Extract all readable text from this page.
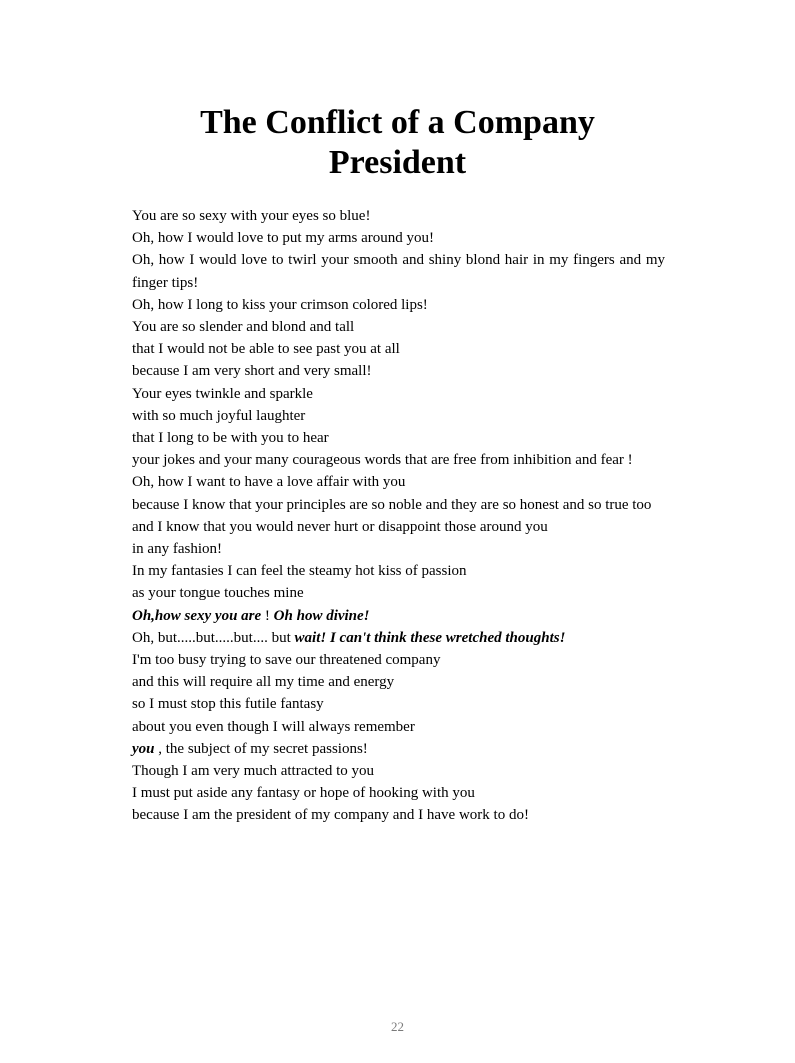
The Conflict of a Company
President
You are so sexy with your eyes so blue!
Oh, how I would love to put my arms around you!
Oh, how I would love to twirl your smooth and shiny blond hair in my fingers and my finger tips!
Oh, how I long to kiss your crimson colored lips!
You are so slender and blond and tall
that I would not be able to see past you at all
because I am very short and very small!
Your eyes twinkle and sparkle
with so much joyful laughter
that I long to be with you to hear
your jokes and your many courageous words that are free from inhibition and fear !
Oh, how I want to have a love affair with you
because I know that your principles are so noble and they are so honest and so true too
and I know that you would never hurt or disappoint those around you
in any fashion!
In my fantasies I can feel the steamy hot kiss of passion
as your tongue touches mine
Oh,how sexy you are ! Oh how divine!
Oh, but.....but.....but.... but wait! I can't think these wretched thoughts!
I'm too busy trying to save our threatened company
and this will require all my time and energy
so I must stop this futile fantasy
about you even though I will always remember
you , the subject of my secret passions!
Though I am very much attracted to you
I must put aside any fantasy or hope of hooking with you
because I am the president of my company and I have work to do!
22
